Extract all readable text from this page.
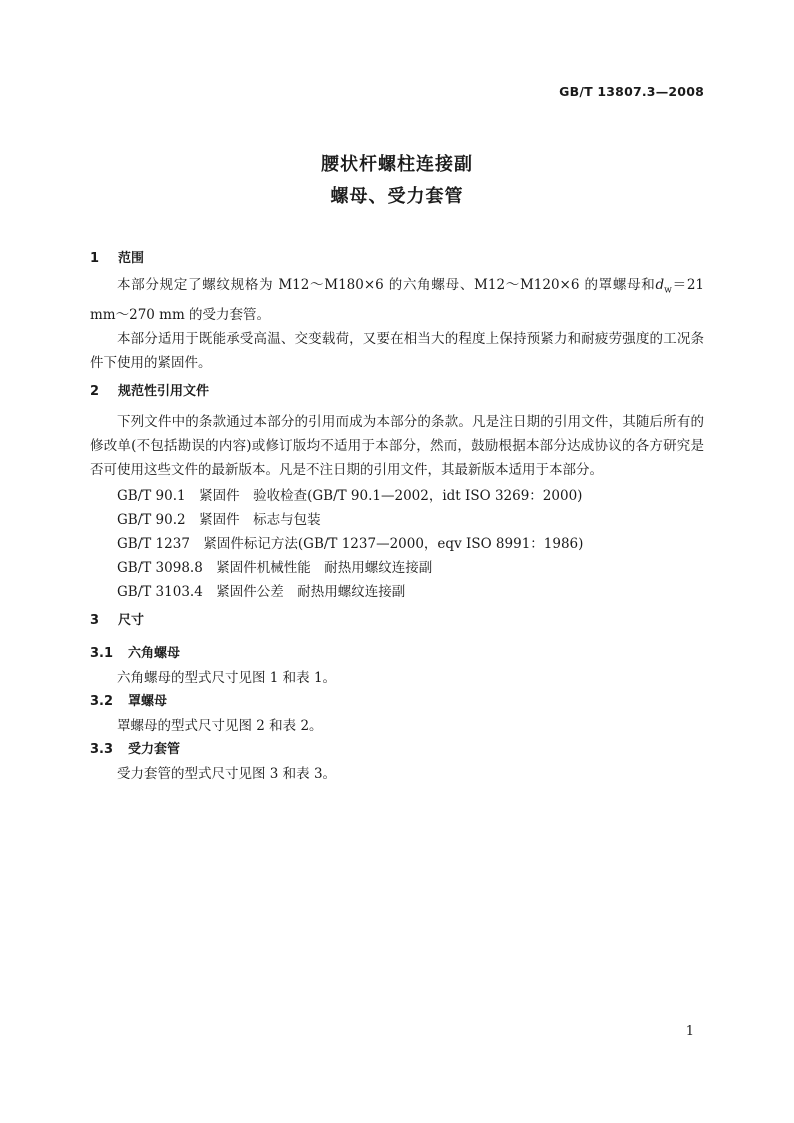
GB/T 13807.3—2008
腰状杆螺柱连接副
螺母、受力套管
1 范围

本部分规定了螺纹规格为 M12～M180×6 的六角螺母、M12～M120×6 的罩螺母和$d_w=21$ mm～270 mm 的受力套管。

本部分适用于既能承受高温、交变载荷，又要在相当大的程度上保持预紧力和耐疲劳强度的工况条件下使用的紧固件。

2 规范性引用文件

下列文件中的条款通过本部分的引用而成为本部分的条款。凡是注日期的引用文件，其随后所有的修改单(不包括勘误的内容)或修订版均不适用于本部分，然而，鼓励根据本部分达成协议的各方研究是否可使用这些文件的最新版本。凡是不注日期的引用文件，其最新版本适用于本部分。

GB/T 90.1　紧固件　验收检查(GB/T 90.1—2002，idt ISO 3269：2000)
GB/T 90.2　紧固件　标志与包装
GB/T 1237　紧固件标记方法(GB/T 1237—2000，eqv ISO 8991：1986)
GB/T 3098.8　紧固件机械性能　耐热用螺纹连接副
GB/T 3103.4　紧固件公差　耐热用螺纹连接副
3 尺寸
3.1 六角螺母
六角螺母的型式尺寸见图 1 和表 1。
3.2 罩螺母
罩螺母的型式尺寸见图 2 和表 2。
3.3 受力套管
受力套管的型式尺寸见图 3 和表 3。
1
